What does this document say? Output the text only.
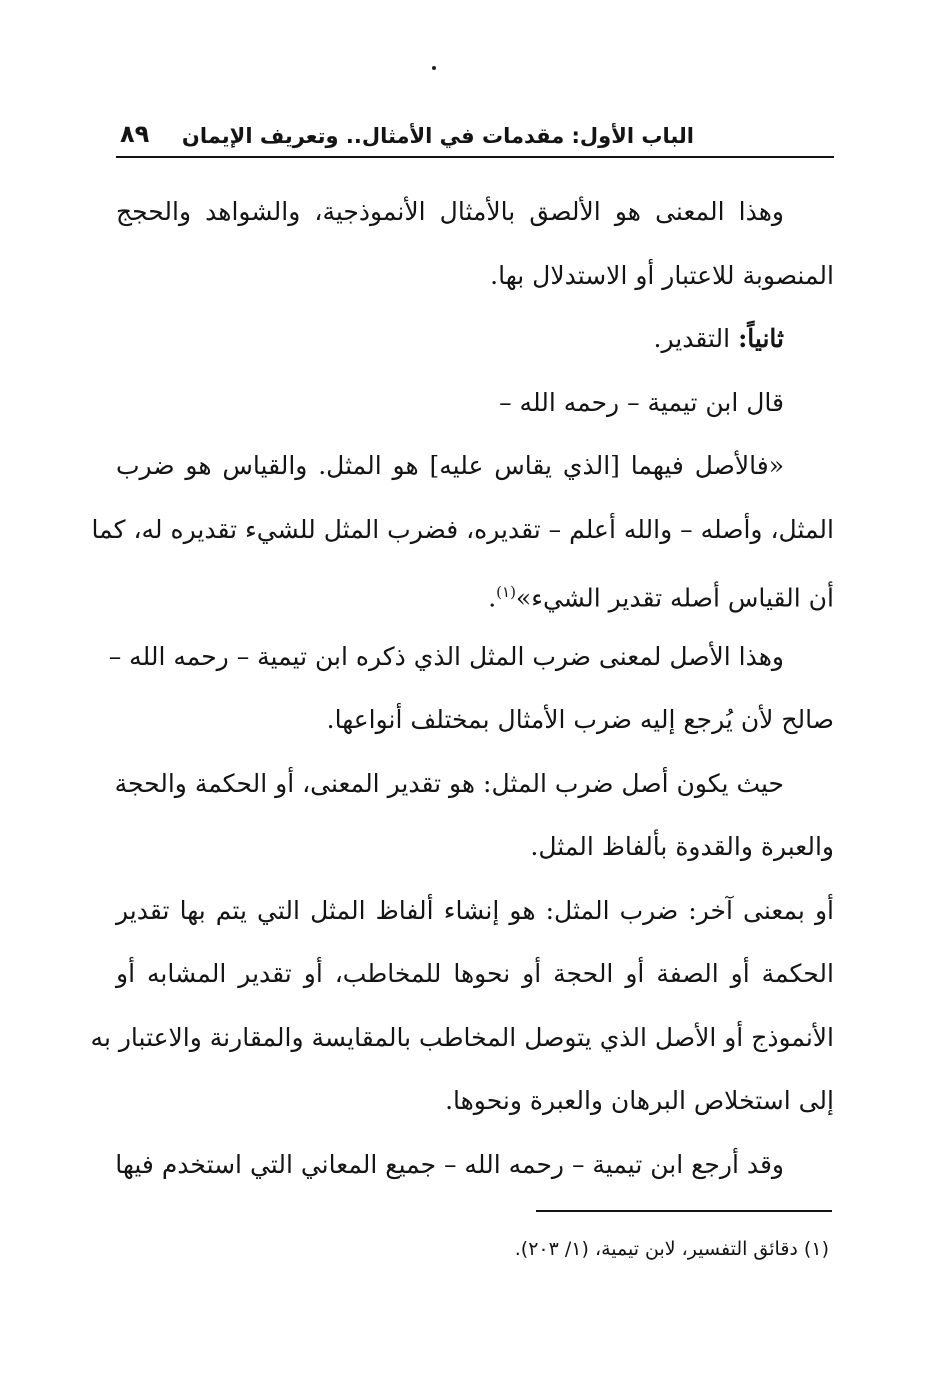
الباب الأول: مقدمات في الأمثال.. وتعريف الإيمان
٨٩
وهذا المعنى هو الألصق بالأمثال الأنموذجية، والشواهد والحجج
المنصوبة للاعتبار أو الاستدلال بها.
ثانياً: التقدير.
قال ابن تيمية – رحمه الله –
«فالأصل فيهما [الذي يقاس عليه] هو المثل. والقياس هو ضرب
المثل، وأصله – والله أعلم – تقديره، فضرب المثل للشيء تقديره له، كما
أن القياس أصله تقدير الشيء»$^{(١)}$.
وهذا الأصل لمعنى ضرب المثل الذي ذكره ابن تيمية – رحمه الله –
صالح لأن يُرجع إليه ضرب الأمثال بمختلف أنواعها.
حيث يكون أصل ضرب المثل: هو تقدير المعنى، أو الحكمة والحجة
والعبرة والقدوة بألفاظ المثل.
أو بمعنى آخر: ضرب المثل: هو إنشاء ألفاظ المثل التي يتم بها تقدير
الحكمة أو الصفة أو الحجة أو نحوها للمخاطب، أو تقدير المشابه أو
الأنموذج أو الأصل الذي يتوصل المخاطب بالمقايسة والمقارنة والاعتبار به
إلى استخلاص البرهان والعبرة ونحوها.
وقد أرجع ابن تيمية – رحمه الله – جميع المعاني التي استخدم فيها
(١) دقائق التفسير، لابن تيمية، (١/ ٢٠٣).
